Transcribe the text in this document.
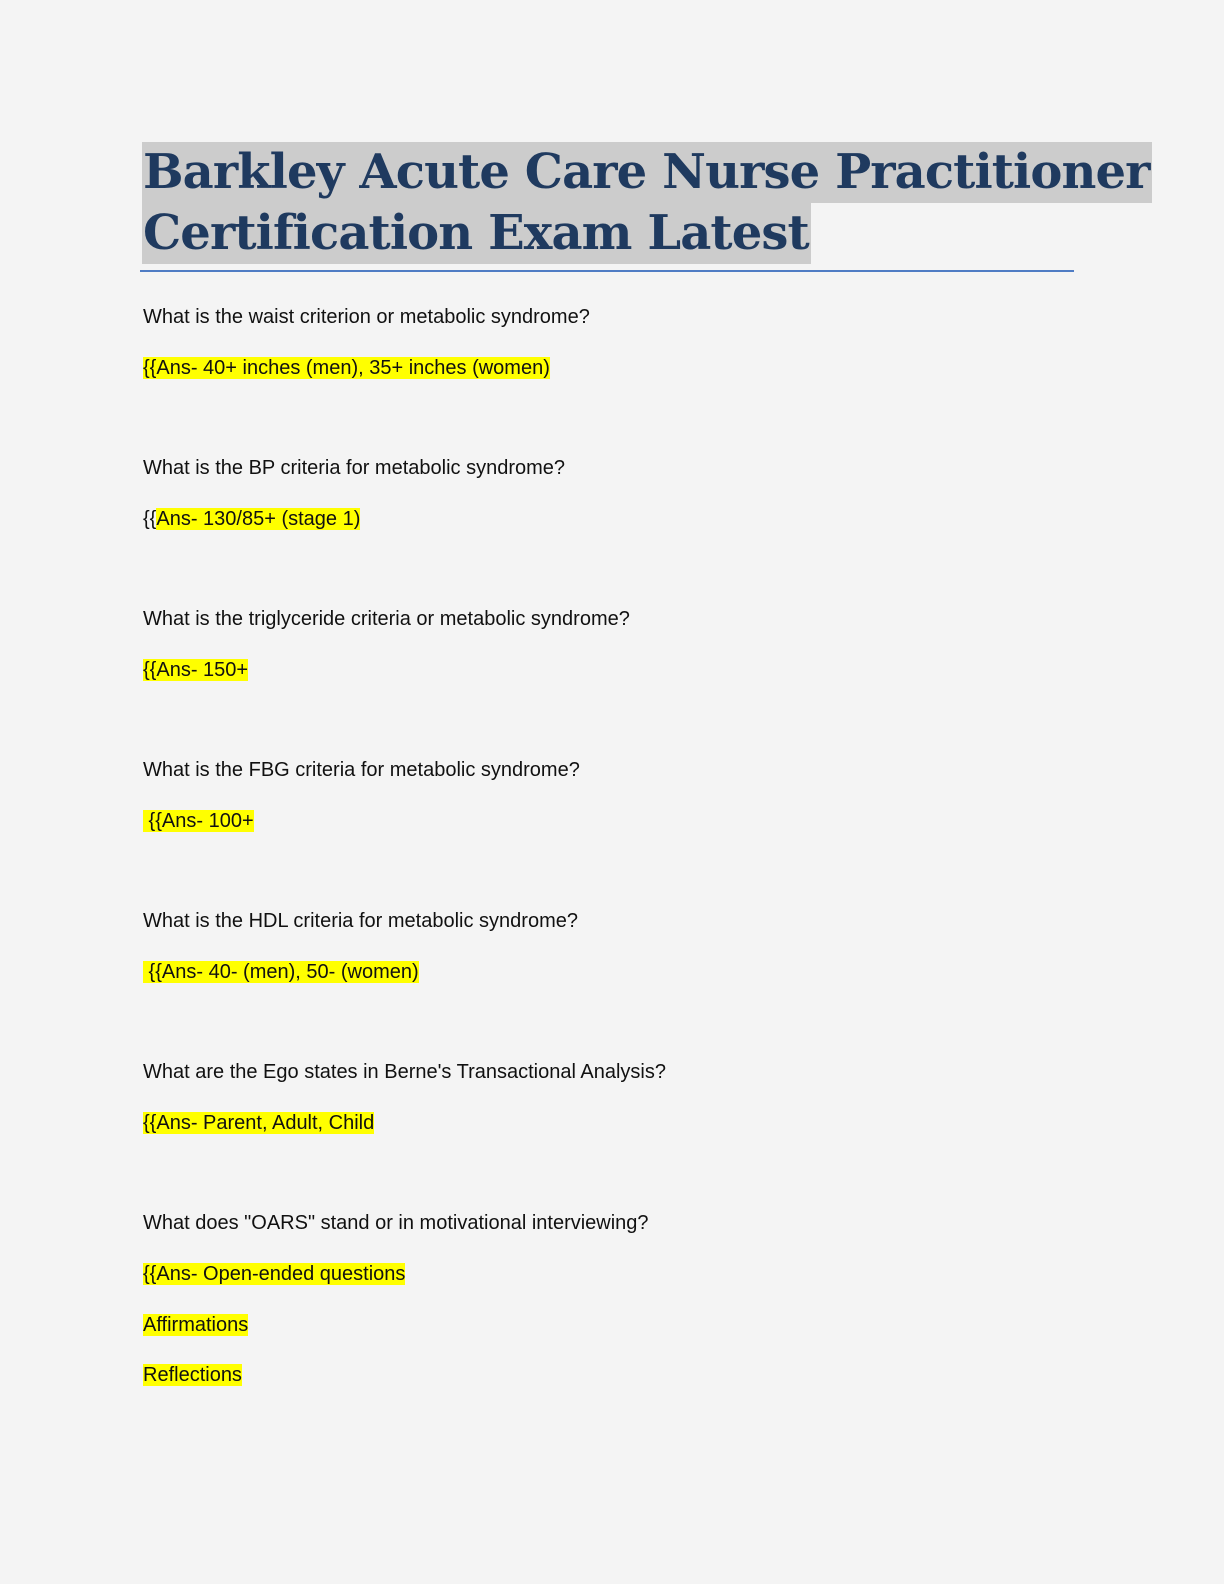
Barkley Acute Care Nurse Practitioner
Certification Exam Latest
What is the waist criterion or metabolic syndrome?
{{Ans- 40+ inches (men), 35+ inches (women)
What is the BP criteria for metabolic syndrome?
{{Ans- 130/85+ (stage 1)
What is the triglyceride criteria or metabolic syndrome?
{{Ans- 150+
What is the FBG criteria for metabolic syndrome?
{{Ans- 100+
What is the HDL criteria for metabolic syndrome?
{{Ans- 40- (men), 50- (women)
What are the Ego states in Berne's Transactional Analysis?
{{Ans- Parent, Adult, Child
What does "OARS" stand or in motivational interviewing?
{{Ans- Open-ended questions
Affirmations
Reflections
